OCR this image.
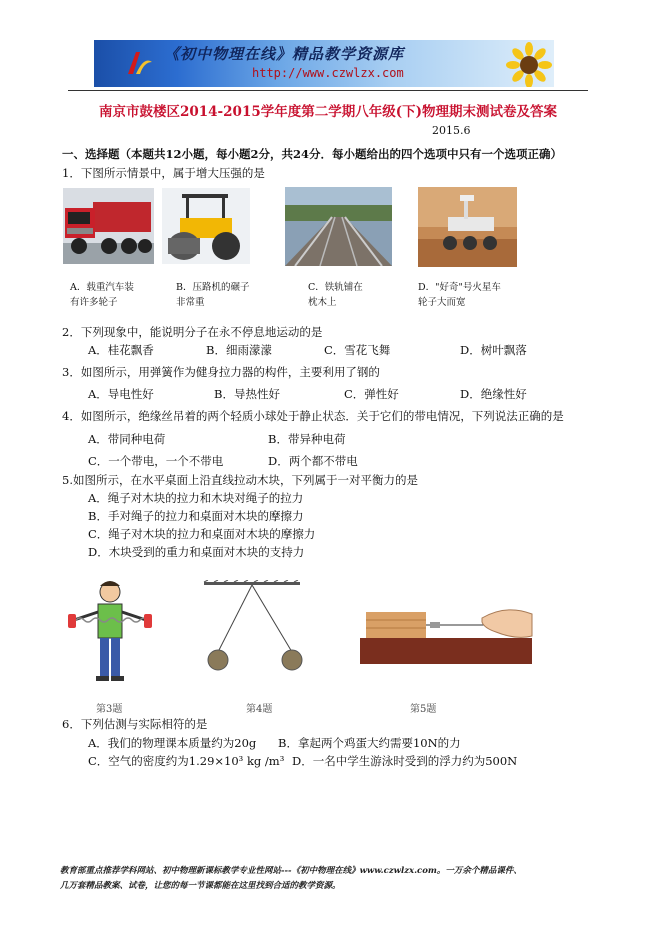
《初中物理在线》精品教学资源库
http://www.czwlzx.com
南京市鼓楼区2014-2015学年度第二学期八年级(下)物理期末测试卷及答案
2015.6
一、选择题（本题共12小题，每小题2分，共24分．每小题给出的四个选项中只有一个选项正确）
1．下图所示情景中，属于增大压强的是
A．载重汽车装
有许多轮子
B．压路机的碾子
非常重
C．铁轨铺在
枕木上
D．"好奇"号火星车
轮子大而宽
2．下列现象中，能说明分子在永不停息地运动的是
A．桂花飘香	B．细雨濛濛	C．雪花飞舞	D．树叶飘落
3．如图所示，用弹簧作为健身拉力器的构件，主要利用了钢的
A．导电性好	B．导热性好	C．弹性好	D．绝缘性好
4．如图所示，绝缘丝吊着的两个轻质小球处于静止状态．关于它们的带电情况，下列说法正确的是
A．带同种电荷	B．带异种电荷
C．一个带电，一个不带电	D．两个都不带电
5.如图所示，在水平桌面上沿直线拉动木块，下列属于一对平衡力的是
A．绳子对木块的拉力和木块对绳子的拉力
B．手对绳子的拉力和桌面对木块的摩擦力
C．绳子对木块的拉力和桌面对木块的摩擦力
D．木块受到的重力和桌面对木块的支持力
第3题	第4题	第5题
6．下列估测与实际相符的是
A．我们的物理课本质量约为20g B．拿起两个鸡蛋大约需要10N的力
C．空气的密度约为1.29×10³ kg /m³ D．一名中学生游泳时受到的浮力约为500N
教育部重点推荐学科网站、初中物理新课标教学专业性网站---《初中物理在线》www.czwlzx.com。一万余个精品课件、
几万套精品教案、试卷，让您的每一节课都能在这里找到合适的教学资源。
